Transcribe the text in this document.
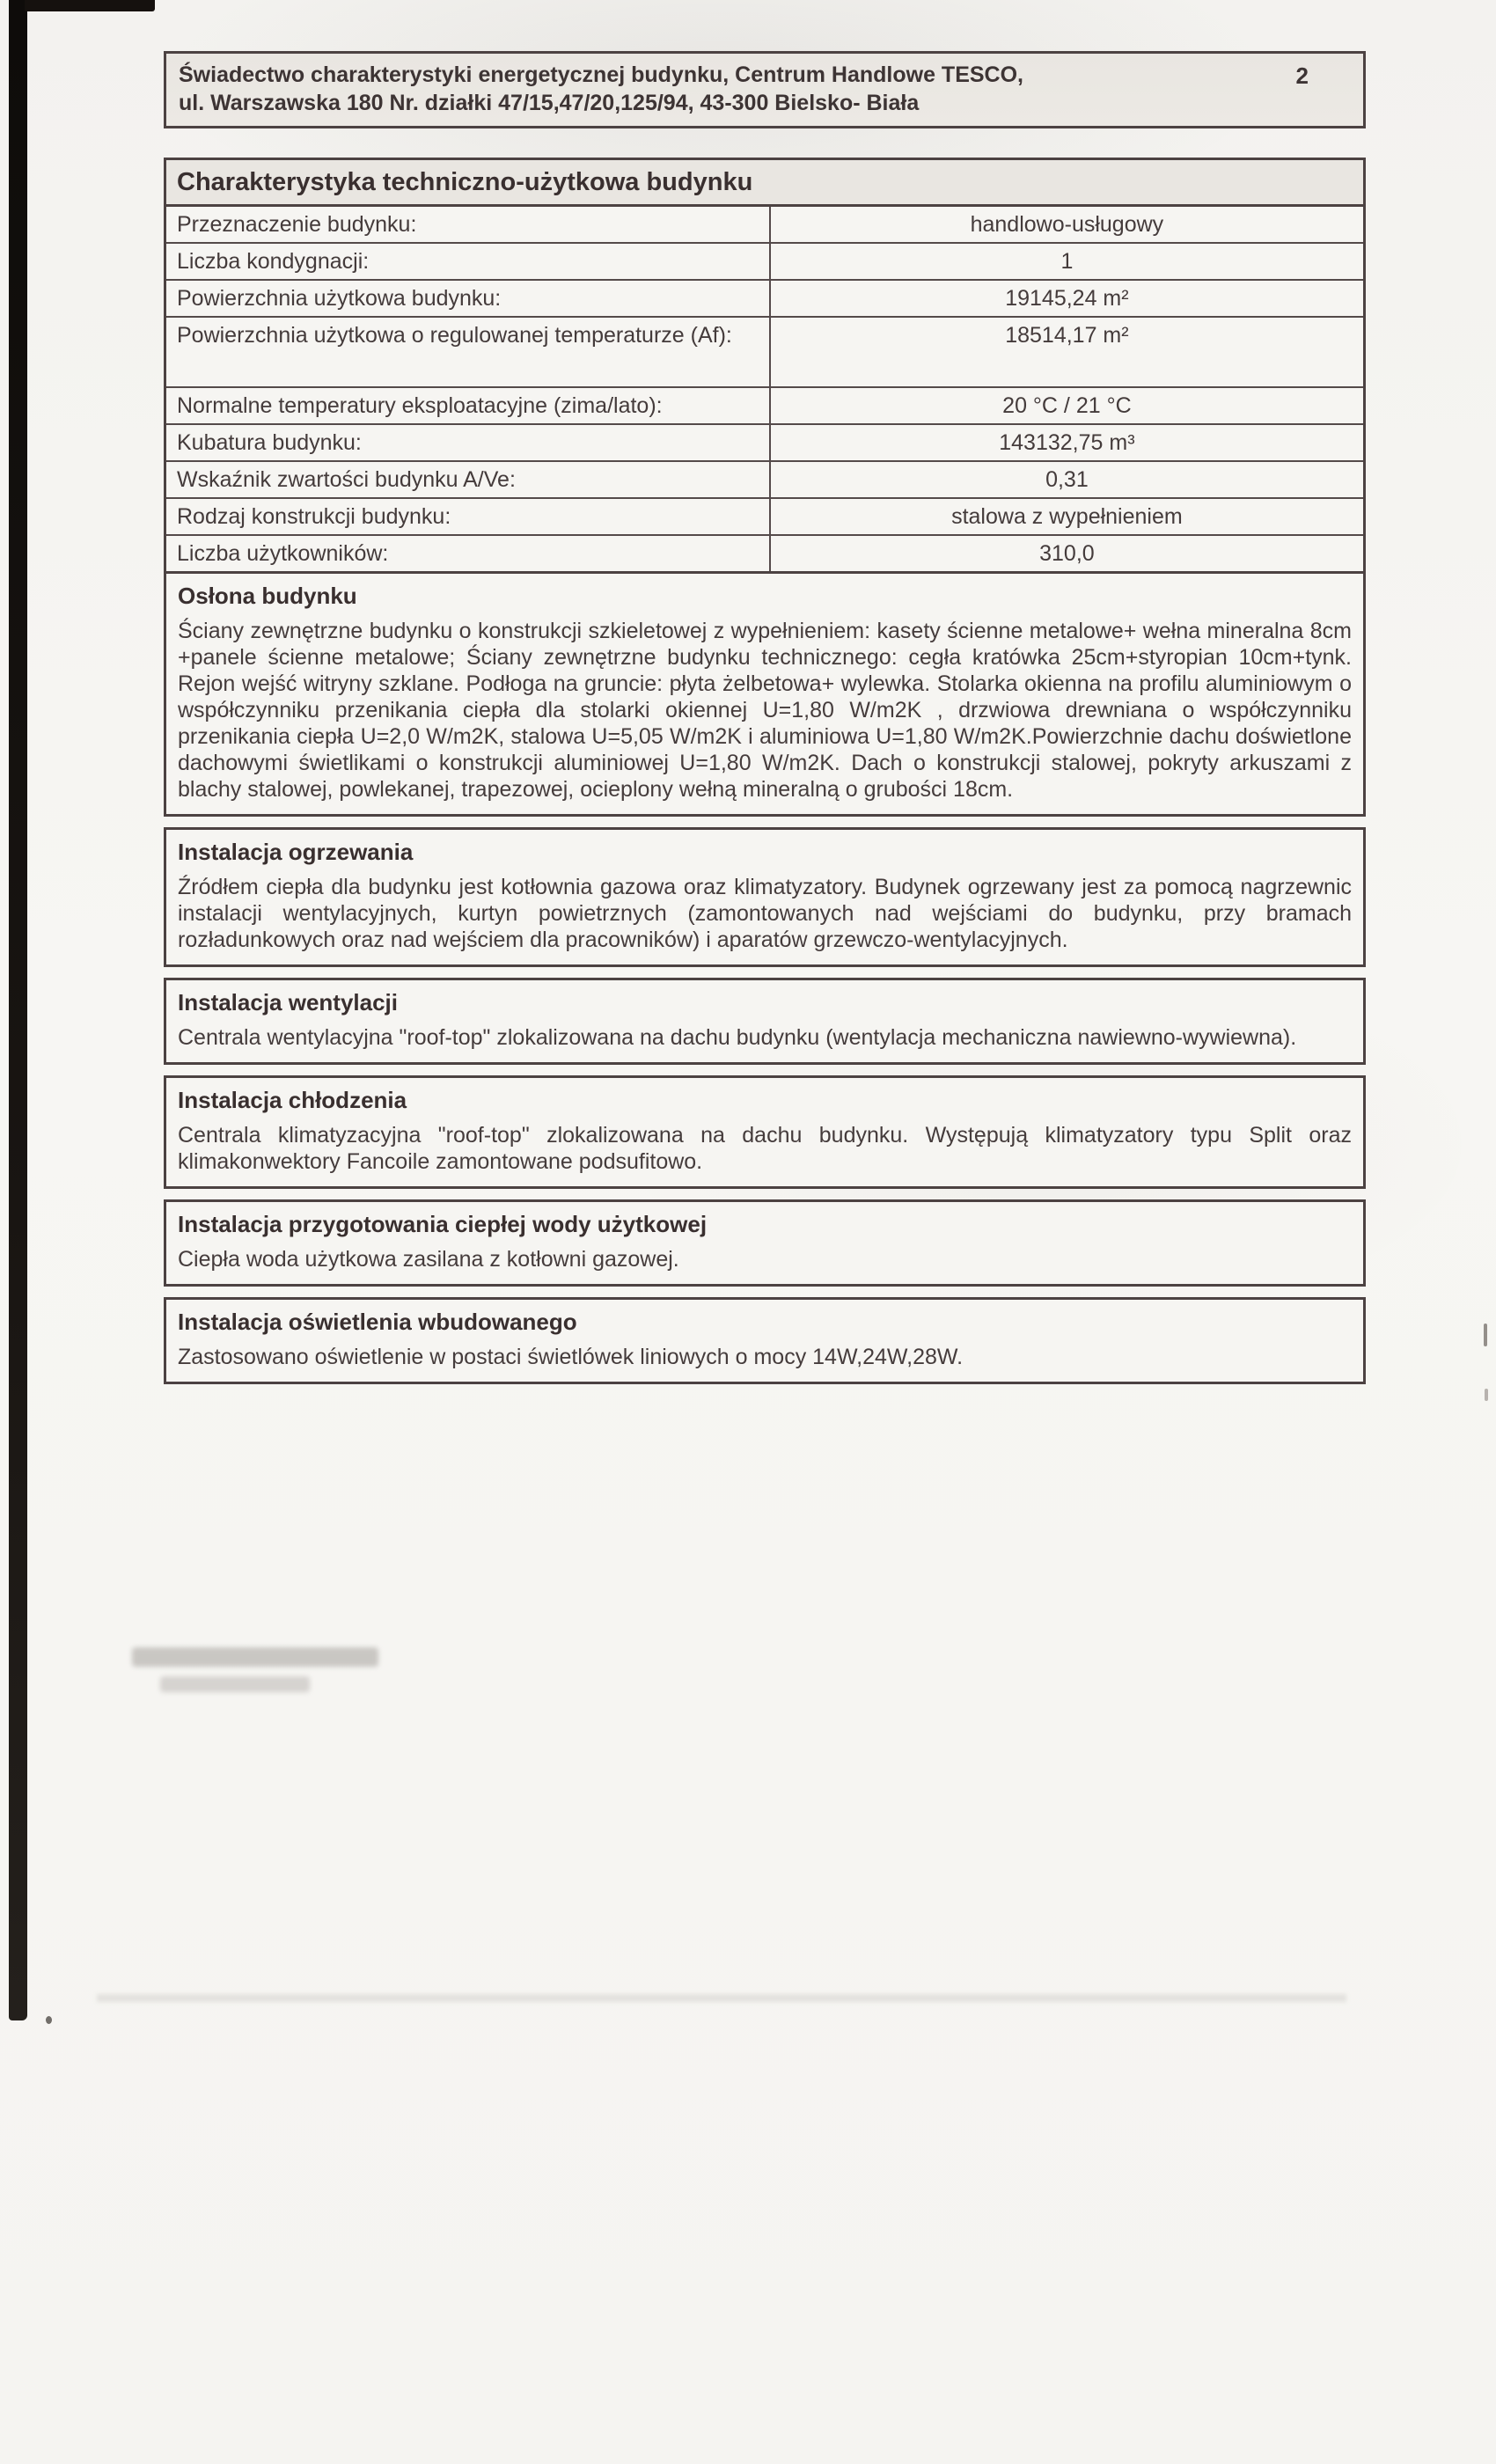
Świadectwo charakterystyki energetycznej budynku, Centrum Handlowe TESCO,
ul. Warszawska 180 Nr. działki 47/15,47/20,125/94, 43-300 Bielsko- Biała
2
Charakterystyka techniczno-użytkowa budynku
Przeznaczenie budynku:	handlowo-usługowy
Liczba kondygnacji:	1
Powierzchnia użytkowa budynku:	19145,24 m²
Powierzchnia użytkowa o regulowanej temperaturze (Af):	18514,17 m²
Normalne temperatury eksploatacyjne (zima/lato):	20 °C / 21 °C
Kubatura budynku:	143132,75 m³
Wskaźnik zwartości budynku A/Ve:	0,31
Rodzaj konstrukcji budynku:	stalowa z wypełnieniem
Liczba użytkowników:	310,0
Osłona budynku
Ściany zewnętrzne budynku o konstrukcji szkieletowej z wypełnieniem: kasety ścienne metalowe+ wełna mineralna 8cm +panele ścienne metalowe; Ściany zewnętrzne budynku technicznego: cegła kratówka 25cm+styropian 10cm+tynk. Rejon wejść witryny szklane. Podłoga na gruncie: płyta żelbetowa+ wylewka. Stolarka okienna na profilu aluminiowym o współczynniku przenikania ciepła dla stolarki okiennej U=1,80 W/m2K , drzwiowa drewniana o współczynniku przenikania ciepła U=2,0 W/m2K, stalowa U=5,05 W/m2K i aluminiowa U=1,80 W/m2K.Powierzchnie dachu doświetlone dachowymi świetlikami o konstrukcji aluminiowej U=1,80 W/m2K. Dach o konstrukcji stalowej, pokryty arkuszami z blachy stalowej, powlekanej, trapezowej, ocieplony wełną mineralną o grubości 18cm.
Instalacja ogrzewania
Źródłem ciepła dla budynku jest kotłownia gazowa oraz klimatyzatory. Budynek ogrzewany jest za pomocą nagrzewnic instalacji wentylacyjnych, kurtyn powietrznych (zamontowanych nad wejściami do budynku, przy bramach rozładunkowych oraz nad wejściem dla pracowników) i aparatów grzewczo-wentylacyjnych.
Instalacja wentylacji
Centrala wentylacyjna "roof-top" zlokalizowana na dachu budynku (wentylacja mechaniczna nawiewno-wywiewna).
Instalacja chłodzenia
Centrala klimatyzacyjna "roof-top" zlokalizowana na dachu budynku. Występują klimatyzatory typu Split oraz klimakonwektory Fancoile zamontowane podsufitowo.
Instalacja przygotowania ciepłej wody użytkowej
Ciepła woda użytkowa zasilana z kotłowni gazowej.
Instalacja oświetlenia wbudowanego
Zastosowano oświetlenie w postaci świetlówek liniowych o mocy 14W,24W,28W.
